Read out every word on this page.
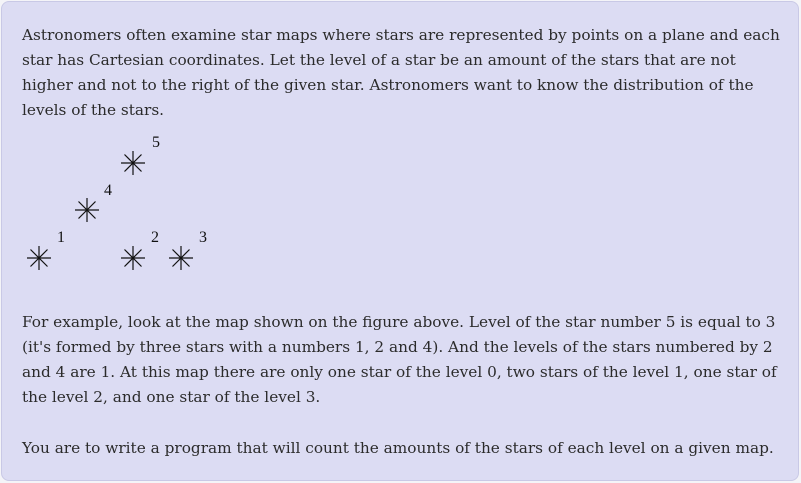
Astronomers often examine star maps where stars are represented by points on a plane and each star has Cartesian coordinates. Let the level of a star be an amount of the stars that are not higher and not to the right of the given star. Astronomers want to know the distribution of the levels of the stars.

5
4
1	2	3

For example, look at the map shown on the figure above. Level of the star number 5 is equal to 3 (it's formed by three stars with a numbers 1, 2 and 4). And the levels of the stars numbered by 2 and 4 are 1. At this map there are only one star of the level 0, two stars of the level 1, one star of the level 2, and one star of the level 3.

You are to write a program that will count the amounts of the stars of each level on a given map.
